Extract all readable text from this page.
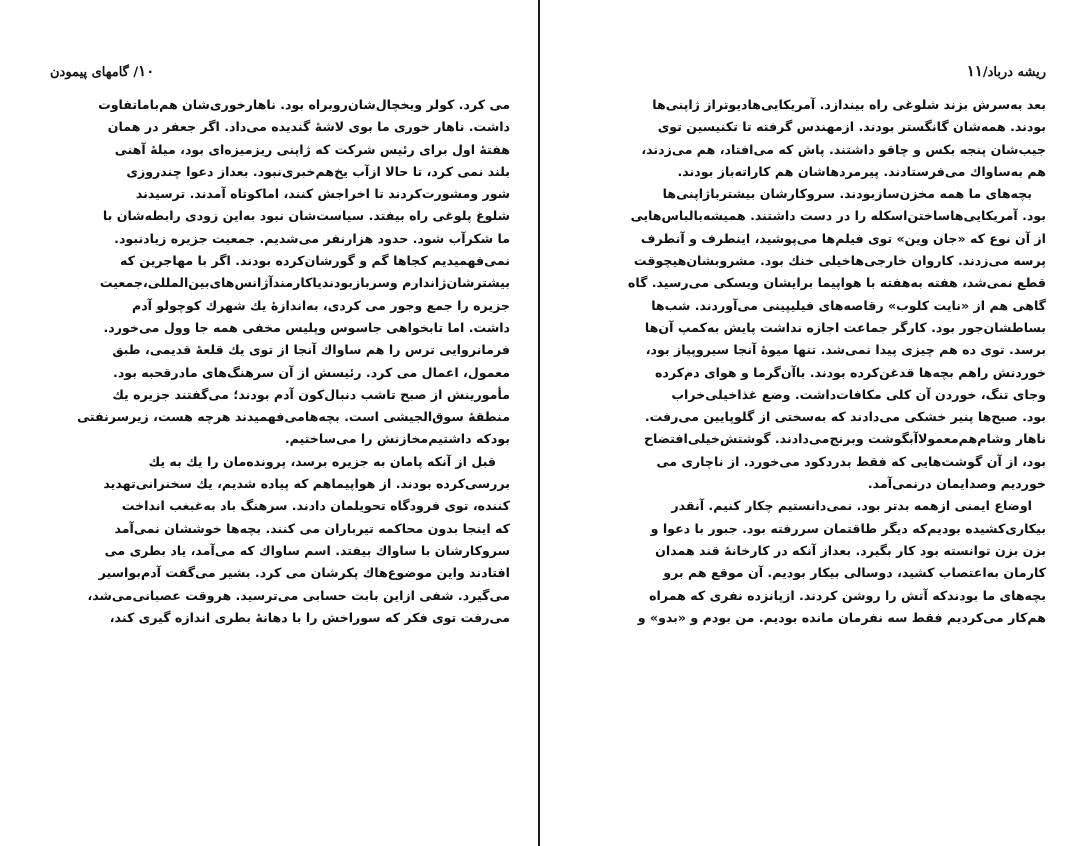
۱۰/ گامهای پیمودن
می کرد. کولر ویخچال‌شان‌روبراه بود. ناهارخوری‌شان هم‌باماتفاوت
داشت. ناهار خوری ما بوی لاشهٔ گندیده می‌داد. اگر جعفر در همان
هفتهٔ اول برای رئیس شرکت که ژاپنی ریزمیزه‌ای بود، میلهٔ آهنی
بلند نمی کرد، تا حالا ازآب یخ‌هم‌خبری‌نبود. بعداز دعوا چندروزی
شور ومشورت‌کردند تا اخراجش کنند، اماکوتاه آمدند. ترسیدند
شلوغ پلوغی راه بیفتد. سیاست‌شان نبود به‌این زودی رابطه‌شان با
ما شکرآب شود. حدود هزارنفر می‌شدیم. جمعیت جزیره زیادنبود.
نمی‌فهمیدیم کجاها گم و گورشان‌کرده بودند. اگر با مهاجرین که
بیشترشان‌ژاندارم وسربازبودندیاکارمندآژانس‌های‌بین‌المللی،جمعیت
جزیره را جمع وجور می کردی، به‌اندازهٔ یك شهرك کوچولو آدم
داشت. اما تابخواهی جاسوس وپلیس مخفی همه جا وول می‌خورد.
فرمانروایی ترس را هم ساواك آنجا از توی یك قلعهٔ قدیمی، طبق
معمول، اعمال می کرد. رئیسش از آن سرهنگ‌های مادرقحبه بود.
مأمورینش از صبح تاشب دنبال‌کون آدم بودند؛ می‌گفتند جزیره یك
منطقهٔ سوق‌الجیشی است. بچه‌هامی‌فهمیدند هرچه هست، زیرسرنفتی
بودکه داشتیم‌مخازنش را می‌ساختیم.
قبل از آنکه پامان به جزیره برسد، پرونده‌مان را یك به یك
بررسی‌کرده بودند. از هواپیماهم که پیاده شدیم، یك سخنرانی‌تهدید
کننده، توی فرودگاه تحویلمان دادند. سرهنگ باد به‌غبغب انداخت
که اینجا بدون محاکمه تیرباران می کنند. بچه‌ها خوششان نمی‌آمد
سروکارشان با ساواك بیفتد. اسم ساواك که می‌آمد، یاد بطری می‌
افتادند واین موضوع‌هاك پکرشان می کرد. بشیر می‌گفت آدم‌بو‌اسیر
می‌گیرد. شفی ازاین بابت حسابی می‌ترسید. هروقت عصبانی‌می‌شد،
می‌رفت توی فکر که سوراخش را با دهانهٔ بطری اندازه گیری کند،
ریشه درباد/۱۱
بعد به‌سرش بزند شلوغی راه بیندازد. آمریکایی‌هادیوتراز ژاپنی‌ها
بودند. همه‌شان گانگستر بودند. ازمهندس گرفته تا تکنیسین توی
جیب‌شان پنجه بکس و چاقو داشتند. پاش که می‌افتاد، هم می‌زدند،
هم به‌ساواك می‌فرستادند. پیرمردهاشان هم کاراته‌باز بودند.
بچه‌های ما همه مخزن‌سازبودند. سروکارشان بیشترباژاپنی‌ها
بود. آمریکایی‌هاساختن‌اسکله را در دست داشتند. همیشه‌بالباس‌هایی
از آن نوع که «جان وین» توی فیلم‌ها می‌پوشید، اینطرف و آنطرف
پرسه می‌زدند. کاروان خارجی‌هاخیلی خنك بود. مشروبشان‌هیچوقت
قطع نمی‌شد، هفته به‌هفته با هواپیما برایشان ویسکی می‌رسید. گاه‌
گاهی هم از «نایت کلوب» رقاصه‌های فیلیپینی می‌آوردند. شب‌ها
بساطشان‌جور بود. کارگر جماعت اجازه نداشت پایش به‌کمپ آن‌ها
برسد. توی ده هم چیزی پیدا نمی‌شد. تنها میوهٔ آنجا سیروپیاز بود،
خوردنش راهم بچه‌ها قدغن‌کرده بودند. باآن‌گرما و هوای دم‌کرده
وجای تنگ، خوردن آن کلی مکافات‌داشت. وضع غذاخیلی‌خراب
بود. صبح‌ها پنیر خشکی می‌دادند که به‌سختی از گلوپایین می‌رفت.
ناهار وشام‌هم‌معمولاآبگوشت وبرنج‌می‌دادند. گوشتش‌خیلی‌افتضاح
بود، از آن گوشت‌هایی که فقط بدردکود می‌خورد. از ناچاری می‌
خوردیم وصدایمان درنمی‌آمد.
اوضاع ایمنی ازهمه بدتر بود. نمی‌دانستیم چکار کنیم. آنقدر
بیکاری‌کشیده بودیم‌که دیگر طاقتمان سررفته بود. جبور با دعوا و
بزن بزن توانسته بود کار بگیرد. بعداز آنکه در کارخانهٔ قند همدان
کارمان به‌اعتصاب کشید، دوسالی بیکار بودیم. آن موقع هم برو
بچه‌های ما بودند‌که آتش را روشن کردند. ازپانزده نفری که همراه
هم‌کار می‌کردیم فقط سه نفرمان مانده بودیم. من بودم و «بدو» و
